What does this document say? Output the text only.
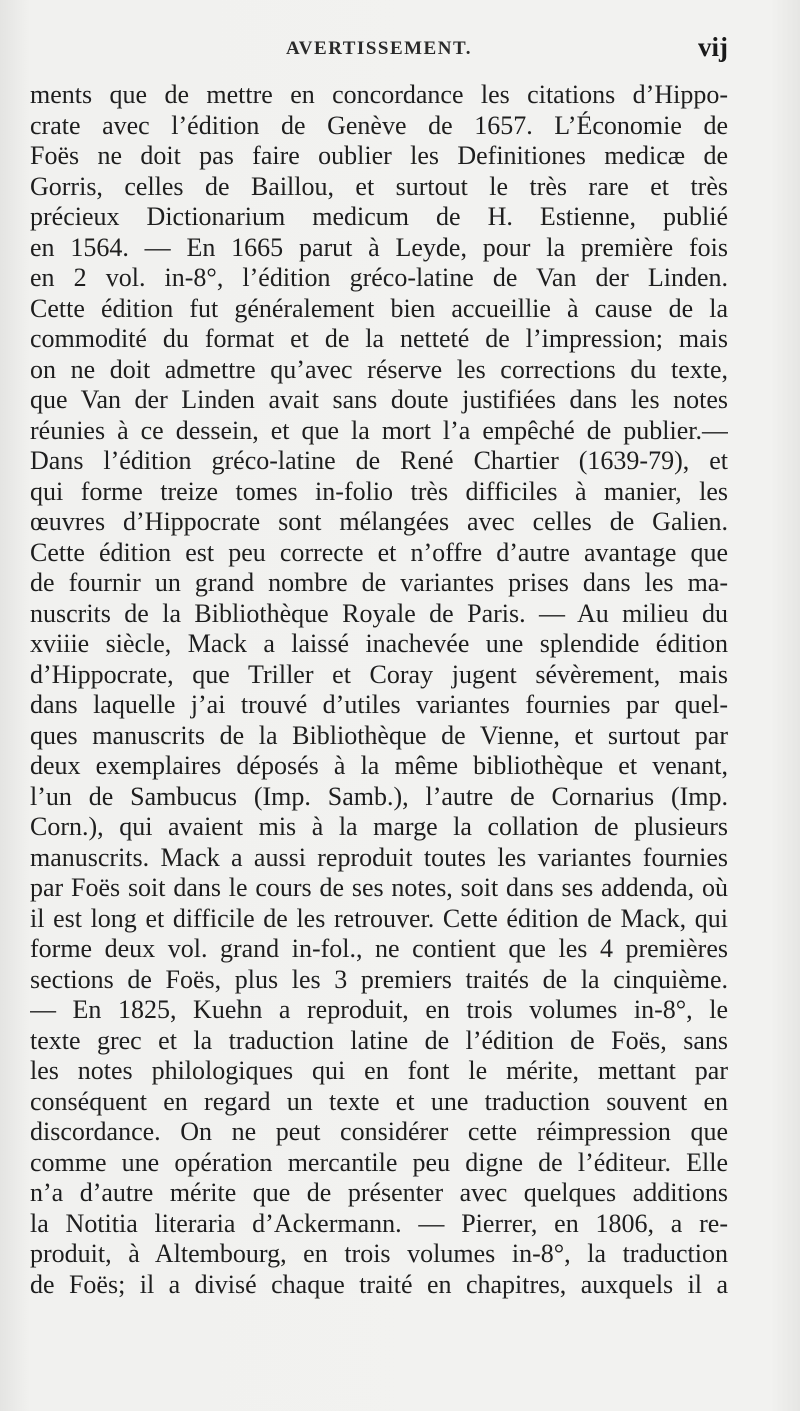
AVERTISSEMENT.	vij
ments que de mettre en concordance les citations d’Hippo-
crate avec l’édition de Genève de 1657. L’Économie de
Foës ne doit pas faire oublier les Definitiones medicæ de
Gorris, celles de Baillou, et surtout le très rare et très
précieux Dictionarium medicum de H. Estienne, publié
en 1564. — En 1665 parut à Leyde, pour la première fois
en 2 vol. in-8°, l’édition gréco-latine de Van der Linden.
Cette édition fut généralement bien accueillie à cause de la
commodité du format et de la netteté de l’impression; mais
on ne doit admettre qu’avec réserve les corrections du texte,
que Van der Linden avait sans doute justifiées dans les notes
réunies à ce dessein, et que la mort l’a empêché de publier.—
Dans l’édition gréco-latine de René Chartier (1639-79), et
qui forme treize tomes in-folio très difficiles à manier, les
œuvres d’Hippocrate sont mélangées avec celles de Galien.
Cette édition est peu correcte et n’offre d’autre avantage que
de fournir un grand nombre de variantes prises dans les ma-
nuscrits de la Bibliothèque Royale de Paris. — Au milieu du
xviiie siècle, Mack a laissé inachevée une splendide édition
d’Hippocrate, que Triller et Coray jugent sévèrement, mais
dans laquelle j’ai trouvé d’utiles variantes fournies par quel-
ques manuscrits de la Bibliothèque de Vienne, et surtout par
deux exemplaires déposés à la même bibliothèque et venant,
l’un de Sambucus (Imp. Samb.), l’autre de Cornarius (Imp.
Corn.), qui avaient mis à la marge la collation de plusieurs
manuscrits. Mack a aussi reproduit toutes les variantes fournies
par Foës soit dans le cours de ses notes, soit dans ses addenda, où
il est long et difficile de les retrouver. Cette édition de Mack, qui
forme deux vol. grand in-fol., ne contient que les 4 premières
sections de Foës, plus les 3 premiers traités de la cinquième.
— En 1825, Kuehn a reproduit, en trois volumes in-8°, le
texte grec et la traduction latine de l’édition de Foës, sans
les notes philologiques qui en font le mérite, mettant par
conséquent en regard un texte et une traduction souvent en
discordance. On ne peut considérer cette réimpression que
comme une opération mercantile peu digne de l’éditeur. Elle
n’a d’autre mérite que de présenter avec quelques additions
la Notitia literaria d’Ackermann. — Pierrer, en 1806, a re-
produit, à Altembourg, en trois volumes in-8°, la traduction
de Foës; il a divisé chaque traité en chapitres, auxquels il a
